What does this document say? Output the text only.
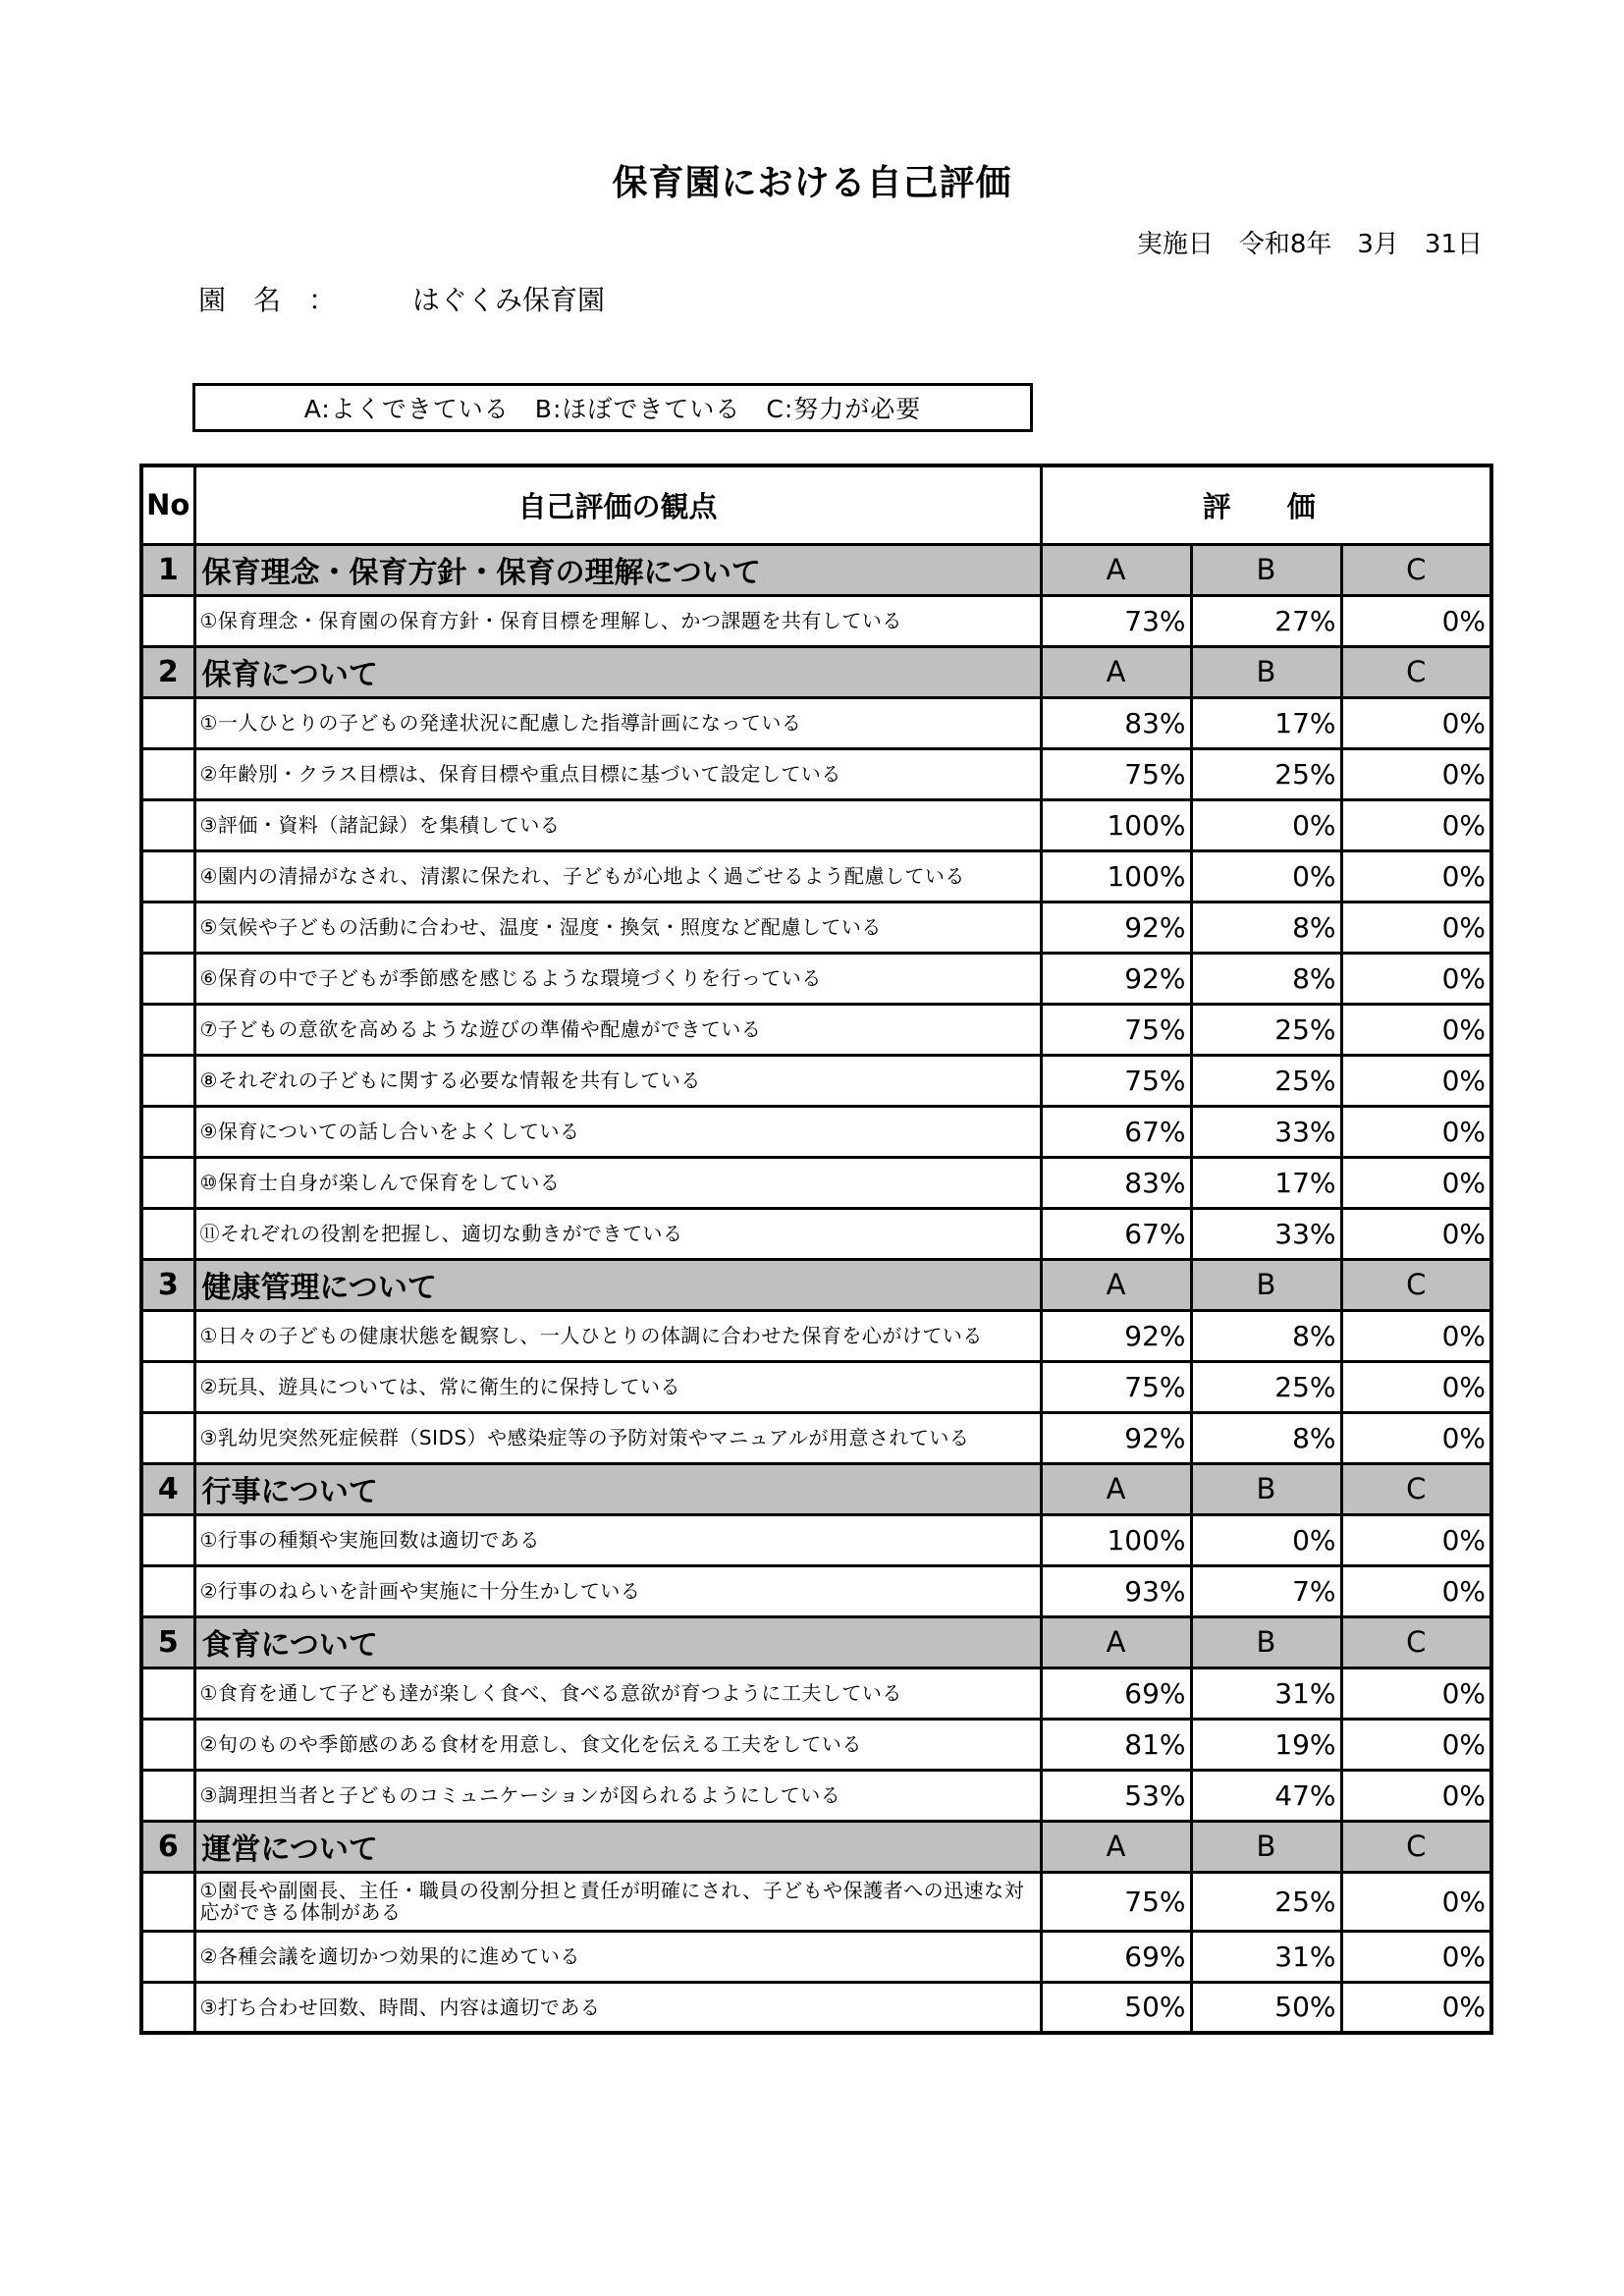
保育園における自己評価
実施日　令和8年　3月　31日
園　名　：	はぐくみ保育園
A:よくできている　B:ほぼできている　C:努力が必要
No	自己評価の観点	評　価		
1	保育理念・保育方針・保育の理解について	A	B	C
	①保育理念・保育園の保育方針・保育目標を理解し、かつ課題を共有している	73%	27%	0%
2	保育について	A	B	C
	①一人ひとりの子どもの発達状況に配慮した指導計画になっている	83%	17%	0%
	②年齢別・クラス目標は、保育目標や重点目標に基づいて設定している	75%	25%	0%
	③評価・資料（諸記録）を集積している	100%	0%	0%
	④園内の清掃がなされ、清潔に保たれ、子どもが心地よく過ごせるよう配慮している	100%	0%	0%
	⑤気候や子どもの活動に合わせ、温度・湿度・換気・照度など配慮している	92%	8%	0%
	⑥保育の中で子どもが季節感を感じるような環境づくりを行っている	92%	8%	0%
	⑦子どもの意欲を高めるような遊びの準備や配慮ができている	75%	25%	0%
	⑧それぞれの子どもに関する必要な情報を共有している	75%	25%	0%
	⑨保育についての話し合いをよくしている	67%	33%	0%
	⑩保育士自身が楽しんで保育をしている	83%	17%	0%
	⑪それぞれの役割を把握し、適切な動きができている	67%	33%	0%
3	健康管理について	A	B	C
	①日々の子どもの健康状態を観察し、一人ひとりの体調に合わせた保育を心がけている	92%	8%	0%
	②玩具、遊具については、常に衛生的に保持している	75%	25%	0%
	③乳幼児突然死症候群（SIDS）や感染症等の予防対策やマニュアルが用意されている	92%	8%	0%
4	行事について	A	B	C
	①行事の種類や実施回数は適切である	100%	0%	0%
	②行事のねらいを計画や実施に十分生かしている	93%	7%	0%
5	食育について	A	B	C
	①食育を通して子ども達が楽しく食べ、食べる意欲が育つように工夫している	69%	31%	0%
	②旬のものや季節感のある食材を用意し、食文化を伝える工夫をしている	81%	19%	0%
	③調理担当者と子どものコミュニケーションが図られるようにしている	53%	47%	0%
6	運営について	A	B	C
	①園長や副園長、主任・職員の役割分担と責任が明確にされ、子どもや保護者への迅速な対応ができる体制がある	75%	25%	0%
	②各種会議を適切かつ効果的に進めている	69%	31%	0%
	③打ち合わせ回数、時間、内容は適切である	50%	50%	0%
